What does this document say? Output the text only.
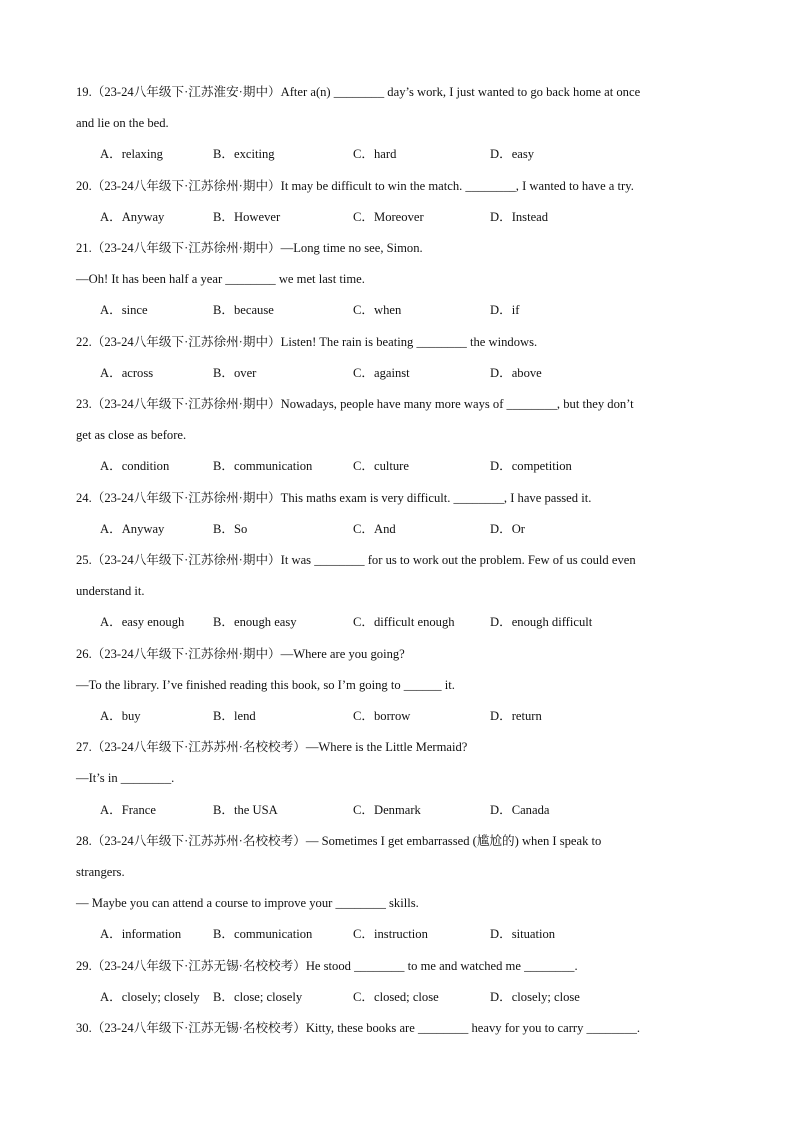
19.（23-24八年级下·江苏淮安·期中）After a(n) ________ day’s work, I just wanted to go back home at once
and lie on the bed.
A．relaxing	B．exciting	C．hard	D．easy
20.（23-24八年级下·江苏徐州·期中）It may be difficult to win the match. ________, I wanted to have a try.
A．Anyway	B．However	C．Moreover	D．Instead
21.（23-24八年级下·江苏徐州·期中）—Long time no see, Simon.
—Oh! It has been half a year ________ we met last time.
A．since	B．because	C．when	D．if
22.（23-24八年级下·江苏徐州·期中）Listen! The rain is beating ________ the windows.
A．across	B．over	C．against	D．above
23.（23-24八年级下·江苏徐州·期中）Nowadays, people have many more ways of ________, but they don’t
get as close as before.
A．condition	B．communication	C．culture	D．competition
24.（23-24八年级下·江苏徐州·期中）This maths exam is very difficult. ________, I have passed it.
A．Anyway	B．So	C．And	D．Or
25.（23-24八年级下·江苏徐州·期中）It was ________ for us to work out the problem. Few of us could even
understand it.
A．easy enough B．enough easy	C．difficult enough	D．enough difficult
26.（23-24八年级下·江苏徐州·期中）—Where are you going?
—To the library. I’ve finished reading this book, so I’m going to ______ it.
A．buy	B．lend	C．borrow	D．return
27.（23-24八年级下·江苏苏州·名校校考）—Where is the Little Mermaid?
—It’s in ________.
A．France	B．the USA	C．Denmark	D．Canada
28.（23-24八年级下·江苏苏州·名校校考）— Sometimes I get embarrassed (尴尬的) when I speak to
strangers.
— Maybe you can attend a course to improve your ________ skills.
A．information	B．communication	C．instruction	D．situation
29.（23-24八年级下·江苏无锡·名校校考）He stood ________ to me and watched me ________.
A．closely; closely B．close; closely	C．closed; close	D．closely; close
30.（23-24八年级下·江苏无锡·名校校考）Kitty, these books are ________ heavy for you to carry ________.
